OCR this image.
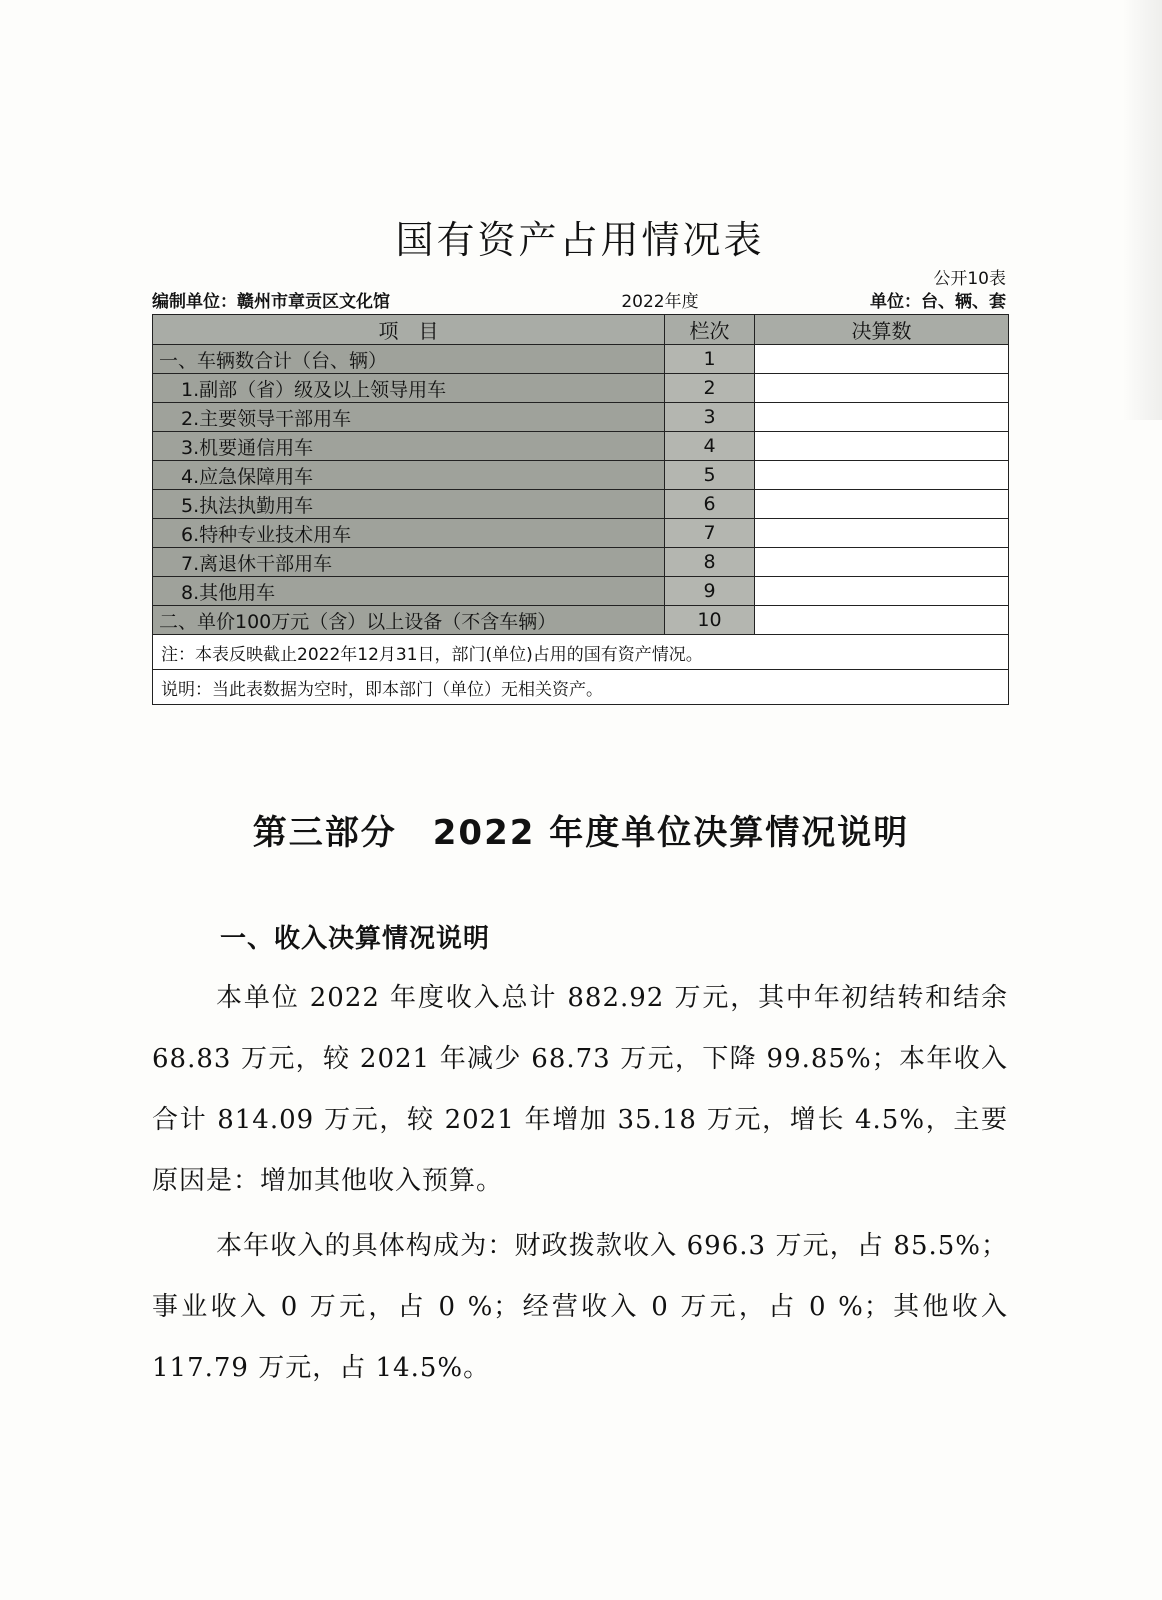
国有资产占用情况表
公开10表
编制单位：赣州市章贡区文化馆	2022年度	单位：台、辆、套
项　目	栏次	决算数
一、车辆数合计（台、辆）	1	
1.副部（省）级及以上领导用车	2	
2.主要领导干部用车	3	
3.机要通信用车	4	
4.应急保障用车	5	
5.执法执勤用车	6	
6.特种专业技术用车	7	
7.离退休干部用车	8	
8.其他用车	9	
二、单价100万元（含）以上设备（不含车辆）	10	
注：本表反映截止2022年12月31日，部门(单位)占用的国有资产情况。		
说明：当此表数据为空时，即本部门（单位）无相关资产。		
第三部分　2022 年度单位决算情况说明
一、收入决算情况说明

本单位 2022 年度收入总计 882.92 万元，其中年初结转和结余 68.83 万元，较 2021 年减少 68.73 万元，下降 99.85%；本年收入合计 814.09 万元，较 2021 年增加 35.18 万元，增长 4.5%，主要原因是：增加其他收入预算。

本年收入的具体构成为：财政拨款收入 696.3 万元，占 85.5%；事业收入 0 万元，占 0 %；经营收入 0 万元，占 0 %；其他收入 117.79 万元，占 14.5%。
